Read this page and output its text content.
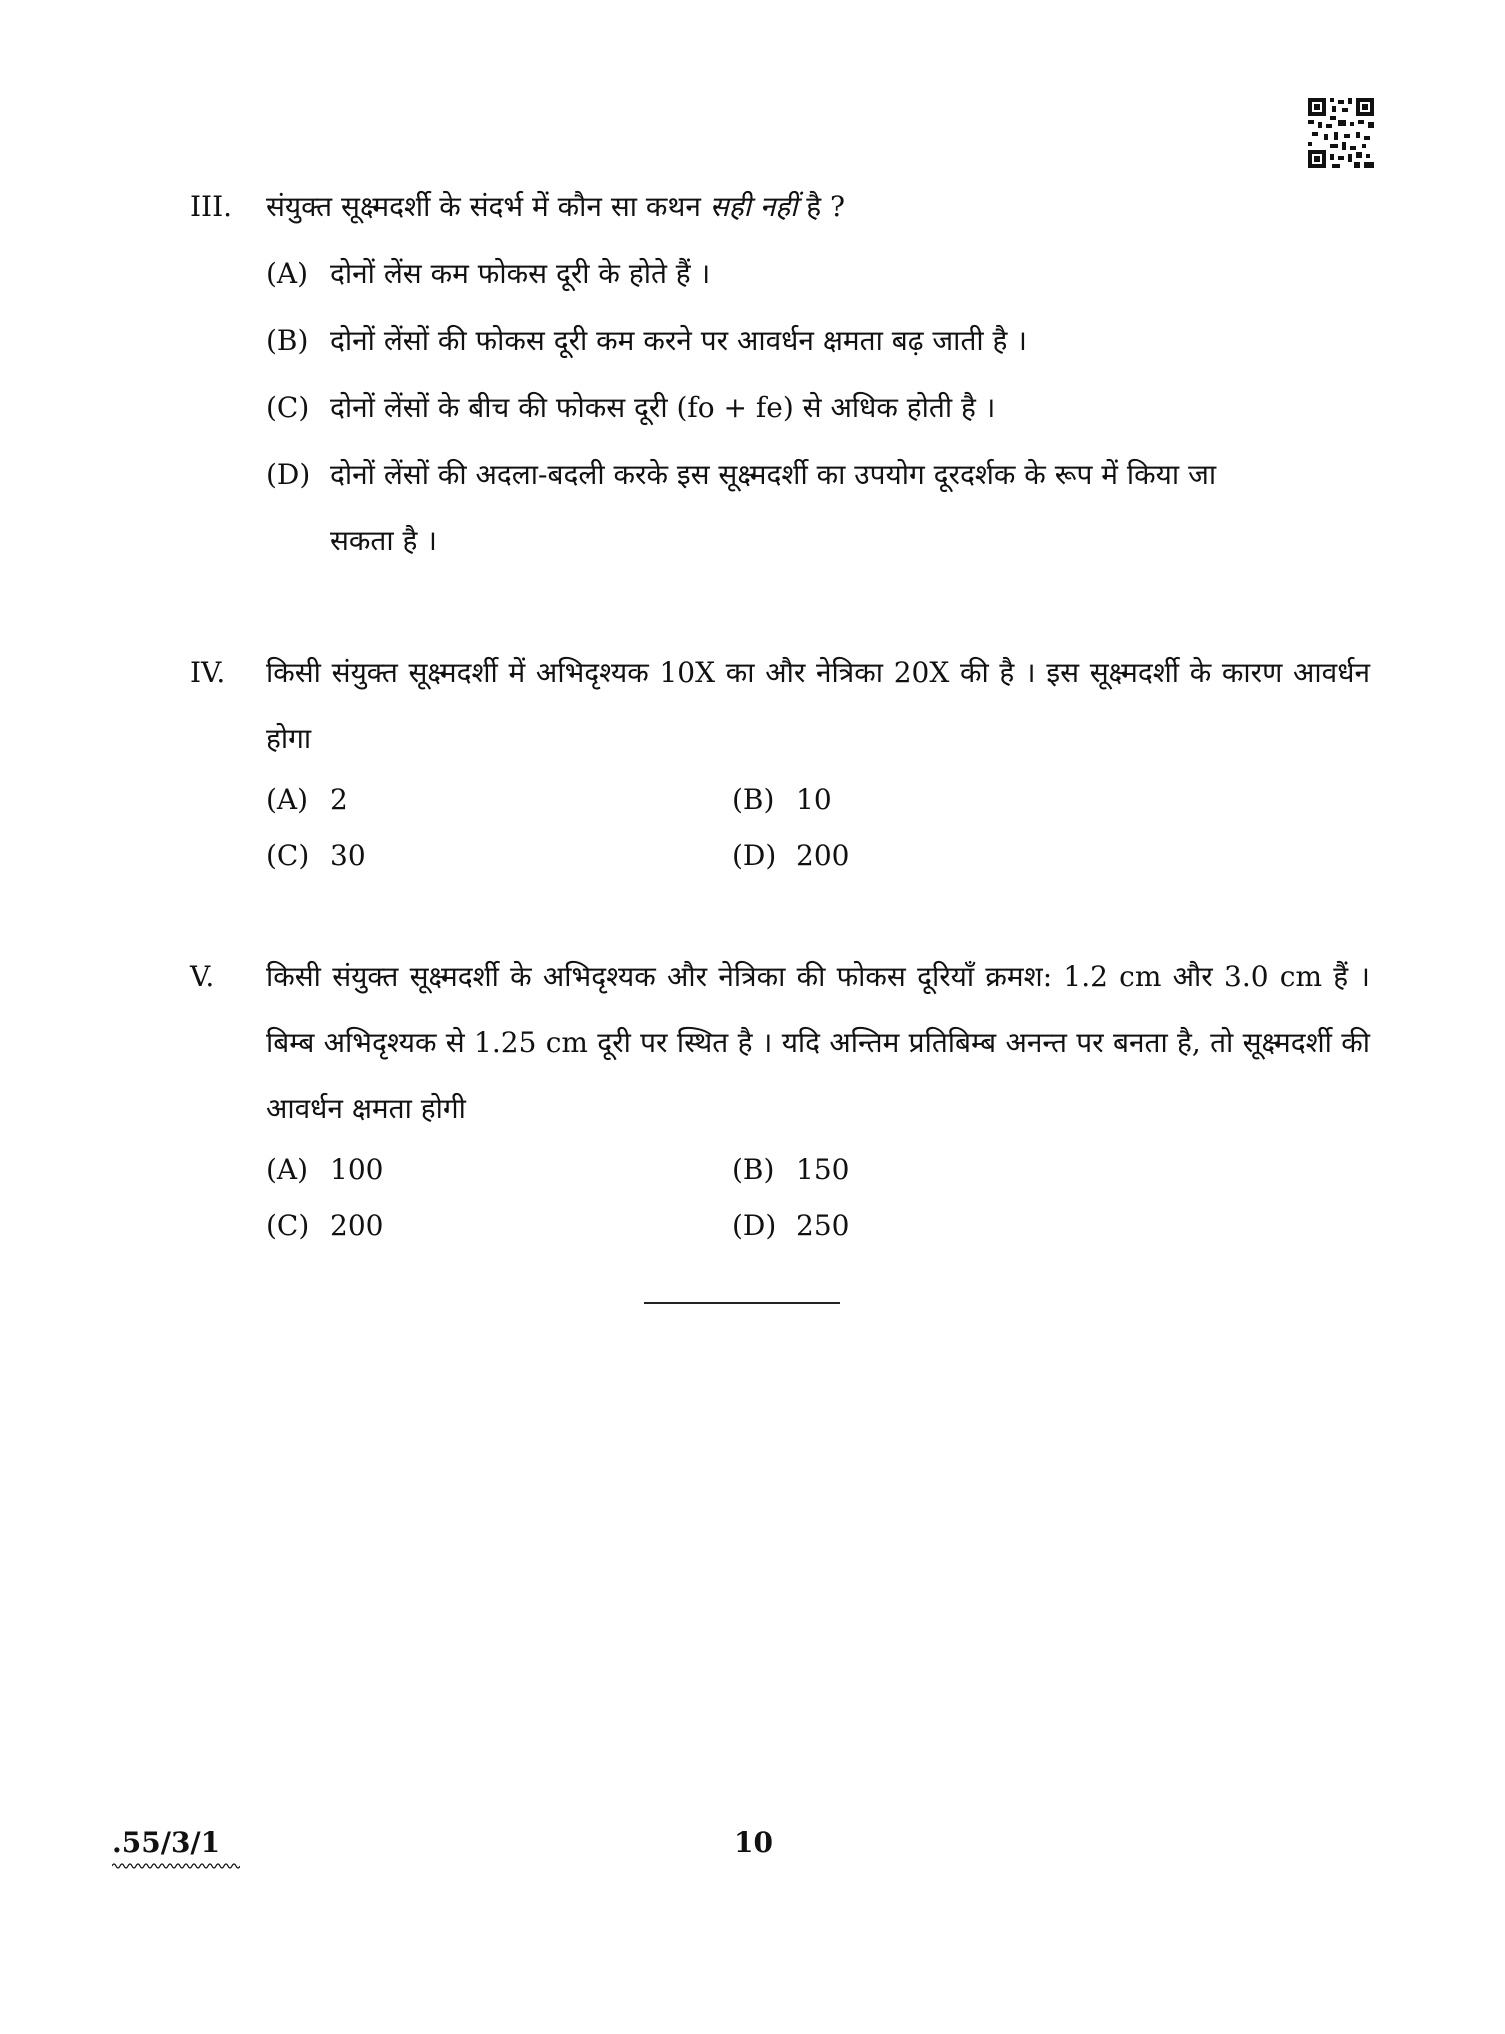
III.	संयुक्त सूक्ष्मदर्शी के संदर्भ में कौन सा कथन सही नहीं है ?
(A) दोनों लेंस कम फोकस दूरी के होते हैं ।
(B) दोनों लेंसों की फोकस दूरी कम करने पर आवर्धन क्षमता बढ़ जाती है ।
(C) दोनों लेंसों के बीच की फोकस दूरी (fo + fe) से अधिक होती है ।
(D) दोनों लेंसों की अदला-बदली करके इस सूक्ष्मदर्शी का उपयोग दूरदर्शक के रूप में किया जा
सकता है ।
IV.	किसी संयुक्त सूक्ष्मदर्शी में अभिदृश्यक 10X का और नेत्रिका 20X की है । इस सूक्ष्मदर्शी के कारण आवर्धन होगा
(A) 2	(B) 10
(C) 30	(D) 200
V.	किसी संयुक्त सूक्ष्मदर्शी के अभिदृश्यक और नेत्रिका की फोकस दूरियाँ क्रमश: 1.2 cm और 3.0 cm हैं । बिम्ब अभिदृश्यक से 1.25 cm दूरी पर स्थित है । यदि अन्तिम प्रतिबिम्ब अनन्त पर बनता है, तो सूक्ष्मदर्शी की आवर्धन क्षमता होगी
(A) 100	(B) 150
(C) 200	(D) 250
.55/3/1	10
